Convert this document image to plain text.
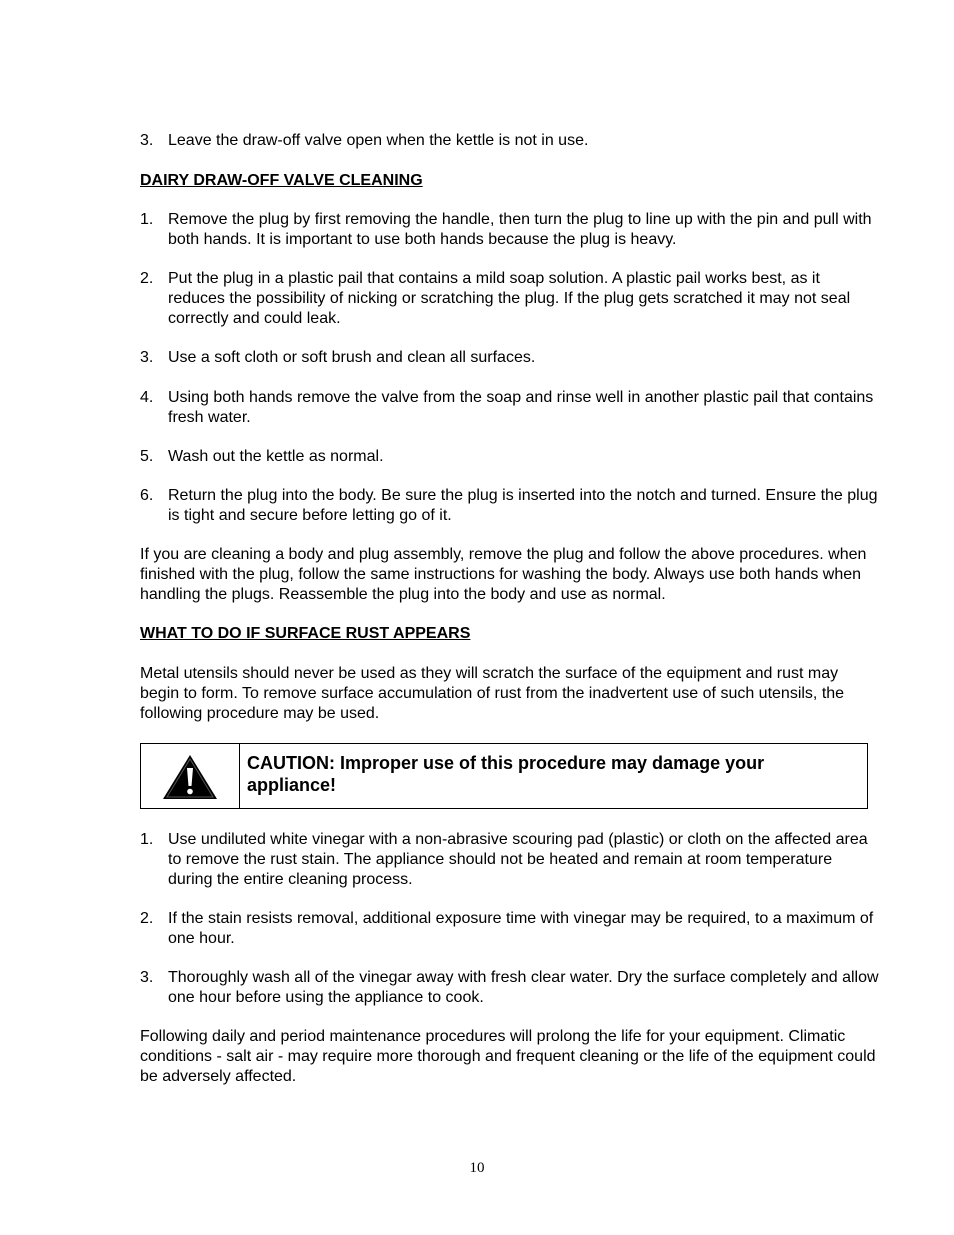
3. Leave the draw-off valve open when the kettle is not in use.
DAIRY DRAW-OFF VALVE CLEANING
1. Remove the plug by first removing the handle, then turn the plug to line up with the pin and pull with both hands. It is important to use both hands because the plug is heavy.
2. Put the plug in a plastic pail that contains a mild soap solution. A plastic pail works best, as it reduces the possibility of nicking or scratching the plug. If the plug gets scratched it may not seal correctly and could leak.
3. Use a soft cloth or soft brush and clean all surfaces.
4. Using both hands remove the valve from the soap and rinse well in another plastic pail that contains fresh water.
5. Wash out the kettle as normal.
6. Return the plug into the body. Be sure the plug is inserted into the notch and turned. Ensure the plug is tight and secure before letting go of it.

If you are cleaning a body and plug assembly, remove the plug and follow the above procedures. when finished with the plug, follow the same instructions for washing the body. Always use both hands when handling the plugs. Reassemble the plug into the body and use as normal.

WHAT TO DO IF SURFACE RUST APPEARS

Metal utensils should never be used as they will scratch the surface of the equipment and rust may begin to form. To remove surface accumulation of rust from the inadvertent use of such utensils, the following procedure may be used.

CAUTION: Improper use of this procedure may damage your appliance!
1. Use undiluted white vinegar with a non-abrasive scouring pad (plastic) or cloth on the affected area to remove the rust stain. The appliance should not be heated and remain at room temperature during the entire cleaning process.
2. If the stain resists removal, additional exposure time with vinegar may be required, to a maximum of one hour.
3. Thoroughly wash all of the vinegar away with fresh clear water. Dry the surface completely and allow one hour before using the appliance to cook.

Following daily and period maintenance procedures will prolong the life for your equipment. Climatic conditions - salt air - may require more thorough and frequent cleaning or the life of the equipment could be adversely affected.

10
